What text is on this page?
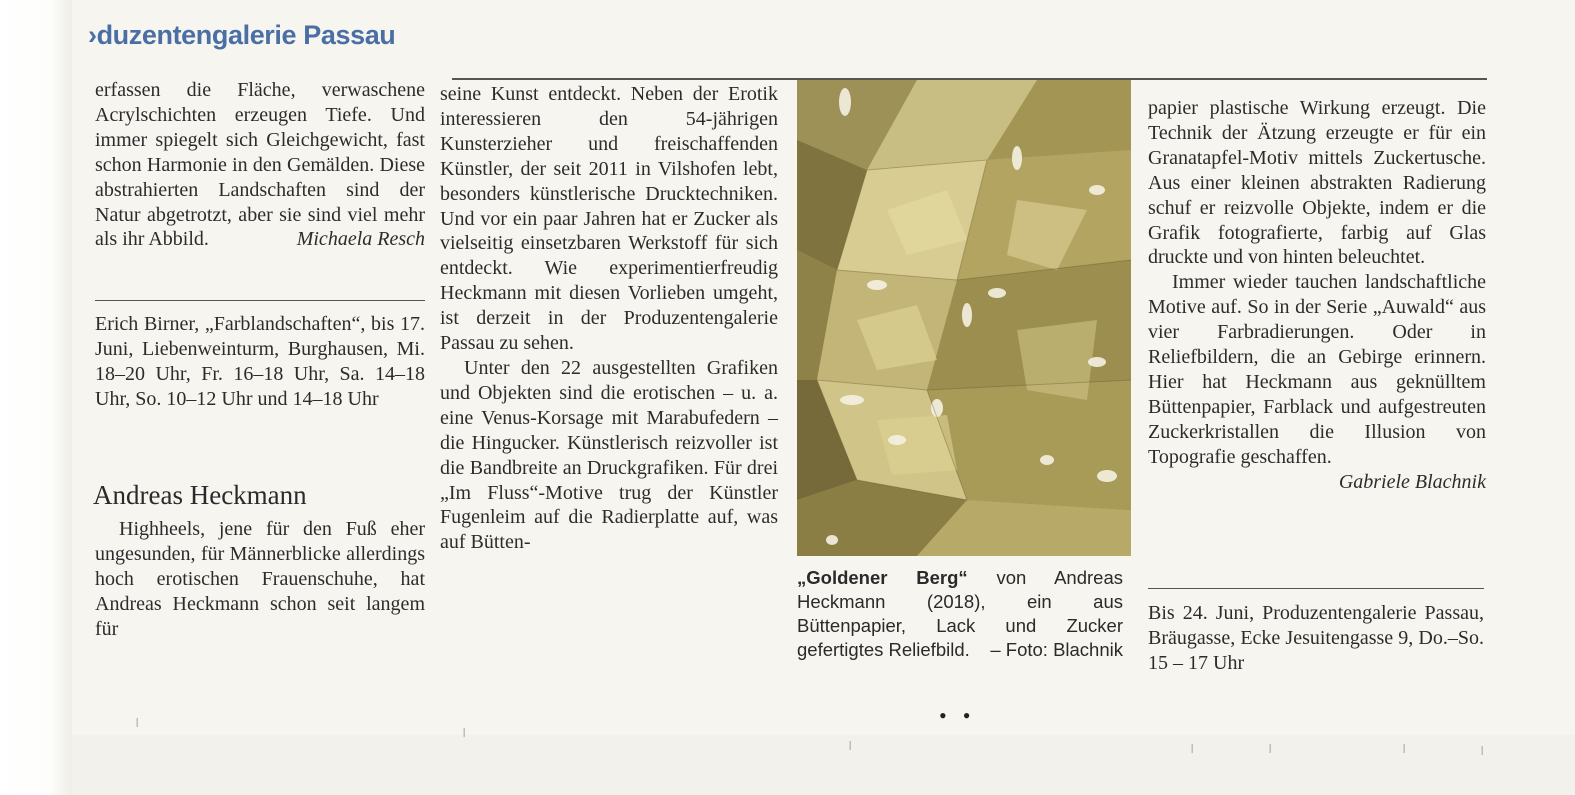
›duzentengalerie Passau

erfassen die Fläche, verwaschene Acrylschichten erzeugen Tiefe. Und immer spiegelt sich Gleichgewicht, fast schon Harmonie in den Gemälden. Diese abstrahierten Landschaften sind der Natur abgetrotzt, aber sie sind viel mehr als ihr Abbild.	Michaela Resch

Erich Birner, „Farblandschaften“, bis 17. Juni, Liebenweinturm, Burghausen, Mi. 18–20 Uhr, Fr. 16–18 Uhr, Sa. 14–18 Uhr, So. 10–12 Uhr und 14–18 Uhr
Andreas Heckmann

Highheels, jene für den Fuß eher ungesunden, für Männerblicke allerdings hoch erotischen Frauenschuhe, hat Andreas Heckmann schon seit langem für

seine Kunst entdeckt. Neben der Erotik interessieren den 54-jährigen Kunsterzieher und freischaffenden Künstler, der seit 2011 in Vilshofen lebt, besonders künstlerische Drucktechniken. Und vor ein paar Jahren hat er Zucker als vielseitig einsetzbaren Werkstoff für sich entdeckt. Wie experimentierfreudig Heckmann mit diesen Vorlieben umgeht, ist derzeit in der Produzentengalerie Passau zu sehen.

Unter den 22 ausgestellten Grafiken und Objekten sind die erotischen – u. a. eine Venus-Korsage mit Marabufedern – die Hingucker. Künstlerisch reizvoller ist die Bandbreite an Druckgrafiken. Für drei „Im Fluss“-Motive trug der Künstler Fugenleim auf die Radierplatte auf, was auf Bütten-

„Goldener Berg“ von Andreas Heckmann (2018), ein aus Büttenpapier, Lack und Zucker gefertigtes Reliefbild. – Foto: Blachnik

papier plastische Wirkung erzeugt. Die Technik der Ätzung erzeugte er für ein Granatapfel-Motiv mittels Zuckertusche. Aus einer kleinen abstrakten Radierung schuf er reizvolle Objekte, indem er die Grafik fotografierte, farbig auf Glas druckte und von hinten beleuchtet.

Immer wieder tauchen landschaftliche Motive auf. So in der Serie „Auwald“ aus vier Farbradierungen. Oder in Reliefbildern, die an Gebirge erinnern. Hier hat Heckmann aus geknülltem Büttenpapier, Farblack und aufgestreuten Zuckerkristallen die Illusion von Topografie geschaffen.

Gabriele Blachnik

Bis 24. Juni, Produzentengalerie Passau, Bräugasse, Ecke Jesuitengasse 9, Do.–So. 15 – 17 Uhr
••
ı
ı
ı	ı	ı	ı	ı
